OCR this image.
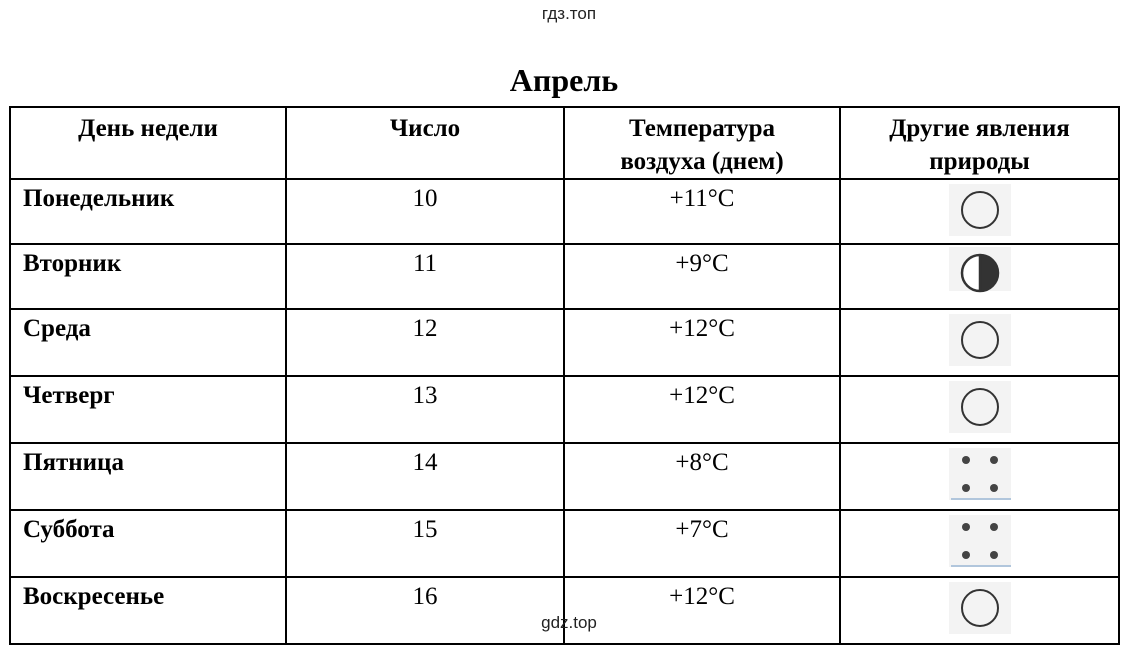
гдз.топ
Апрель
День недели	Число	Температура воздуха (днем)	Другие явления природы
Понедельник	10	+11°C	

Вторник	11	+9°C	

Среда	12	+12°C	

Четверг	13	+12°C	

Пятница	14	+8°C	

Суббота	15	+7°C	

Воскресенье	16	+12°C	
gdz.top
